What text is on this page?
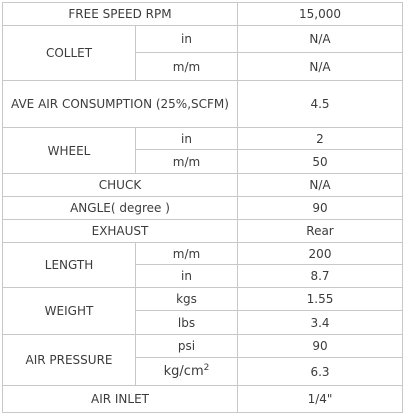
FREE SPEED RPM		15,000
COLLET	in	N/A
	m/m	N/A
AVE AIR CONSUMPTION (25%,SCFM)		4.5
WHEEL	in	2
	m/m	50
CHUCK		N/A
ANGLE( degree )		90
EXHAUST		Rear
LENGTH	m/m	200
	in	8.7
WEIGHT	kgs	1.55
	lbs	3.4
AIR PRESSURE	psi	90
	$kg/cm^2$	6.3
AIR INLET		1/4"
